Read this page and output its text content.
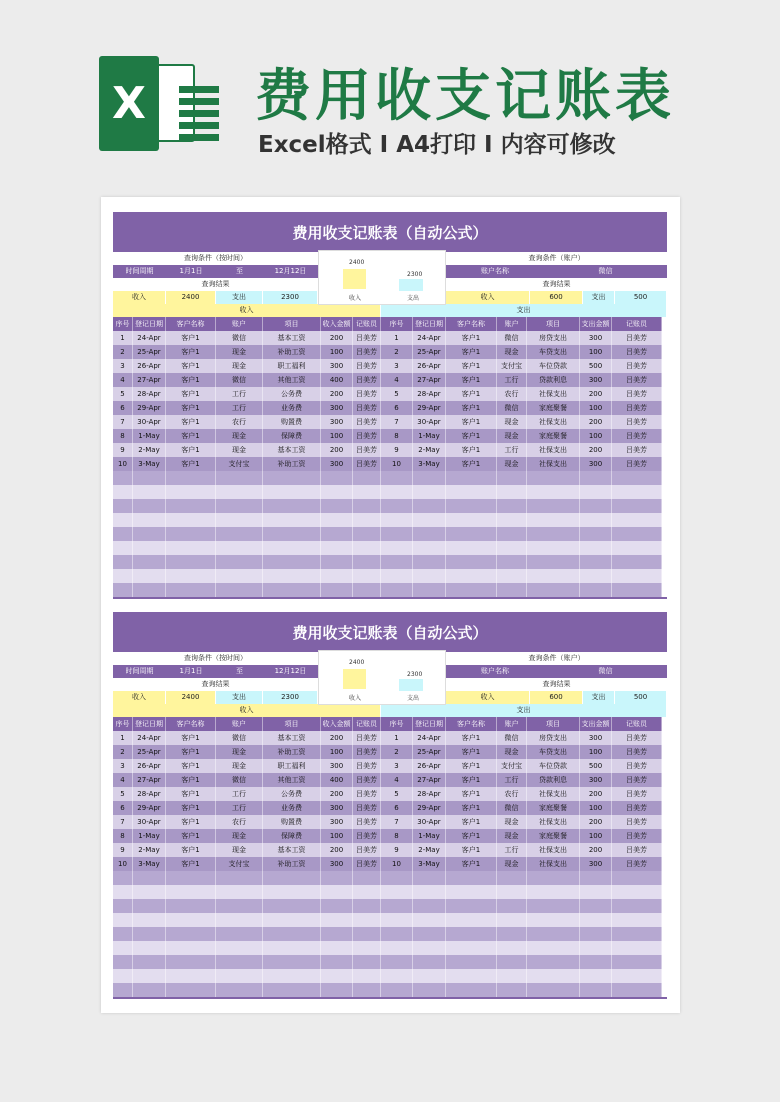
X 费用收支记账表
Excel格式 I A4打印 I 内容可修改
费用收支记账表（自动公式）
查询条件（按时间）	查询条件（账户）
时间周期	1月1日	至	12月12日	账户名称	微信
查询结果	查询结果
收入	2400	支出	2300	收入	600	支出	500
收入	支出
序号 登记日期	客户名称	账户	项目	收入金额 记账员	序号	登记日期	客户名称	账户	项目	支出金额	记账员
1	24-Apr	客户1	微信	基本工资	200	吕美芳	1	24-Apr	客户1	微信	房贷支出	300	吕美芳
2	25-Apr	客户1	现金	补助工资	100	吕美芳	2	25-Apr	客户1	现金	车贷支出	100	吕美芳
3	26-Apr	客户1	现金	职工福利	300	吕美芳	3	26-Apr	客户1	支付宝	车位贷款	500	吕美芳
4	27-Apr	客户1	微信	其他工资	400	吕美芳	4	27-Apr	客户1	工行	贷款利息	300	吕美芳
5	28-Apr	客户1	工行	公务费	200	吕美芳	5	28-Apr	客户1	农行	社保支出	200	吕美芳
6	29-Apr	客户1	工行	业务费	300	吕美芳	6	29-Apr	客户1	微信	家庭聚餐	100	吕美芳
7	30-Apr	客户1	农行	购置费	300	吕美芳	7	30-Apr	客户1	现金	社保支出	200	吕美芳
8	1-May	客户1	现金	保障费	100	吕美芳	8	1-May	客户1	现金	家庭聚餐	100	吕美芳
9	2-May	客户1	现金	基本工资	200	吕美芳	9	2-May	客户1	工行	社保支出	200	吕美芳
10	3-May	客户1	支付宝	补助工资	300	吕美芳	10	3-May	客户1	现金	社保支出	300	吕美芳
2400
2300
收入	支出
费用收支记账表（自动公式）
查询条件（按时间）	查询条件（账户）
时间周期	1月1日	至	12月12日	账户名称	微信
查询结果	查询结果
收入	2400	支出	2300	收入	600	支出	500
收入	支出
序号 登记日期	客户名称	账户	项目	收入金额 记账员	序号	登记日期	客户名称	账户	项目	支出金额	记账员
1	24-Apr	客户1	微信	基本工资	200	吕美芳	1	24-Apr	客户1	微信	房贷支出	300	吕美芳
2	25-Apr	客户1	现金	补助工资	100	吕美芳	2	25-Apr	客户1	现金	车贷支出	100	吕美芳
3	26-Apr	客户1	现金	职工福利	300	吕美芳	3	26-Apr	客户1	支付宝	车位贷款	500	吕美芳
4	27-Apr	客户1	微信	其他工资	400	吕美芳	4	27-Apr	客户1	工行	贷款利息	300	吕美芳
5	28-Apr	客户1	工行	公务费	200	吕美芳	5	28-Apr	客户1	农行	社保支出	200	吕美芳
6	29-Apr	客户1	工行	业务费	300	吕美芳	6	29-Apr	客户1	微信	家庭聚餐	100	吕美芳
7	30-Apr	客户1	农行	购置费	300	吕美芳	7	30-Apr	客户1	现金	社保支出	200	吕美芳
8	1-May	客户1	现金	保障费	100	吕美芳	8	1-May	客户1	现金	家庭聚餐	100	吕美芳
9	2-May	客户1	现金	基本工资	200	吕美芳	9	2-May	客户1	工行	社保支出	200	吕美芳
10	3-May	客户1	支付宝	补助工资	300	吕美芳	10	3-May	客户1	现金	社保支出	300	吕美芳
2400
2300
收入	支出
